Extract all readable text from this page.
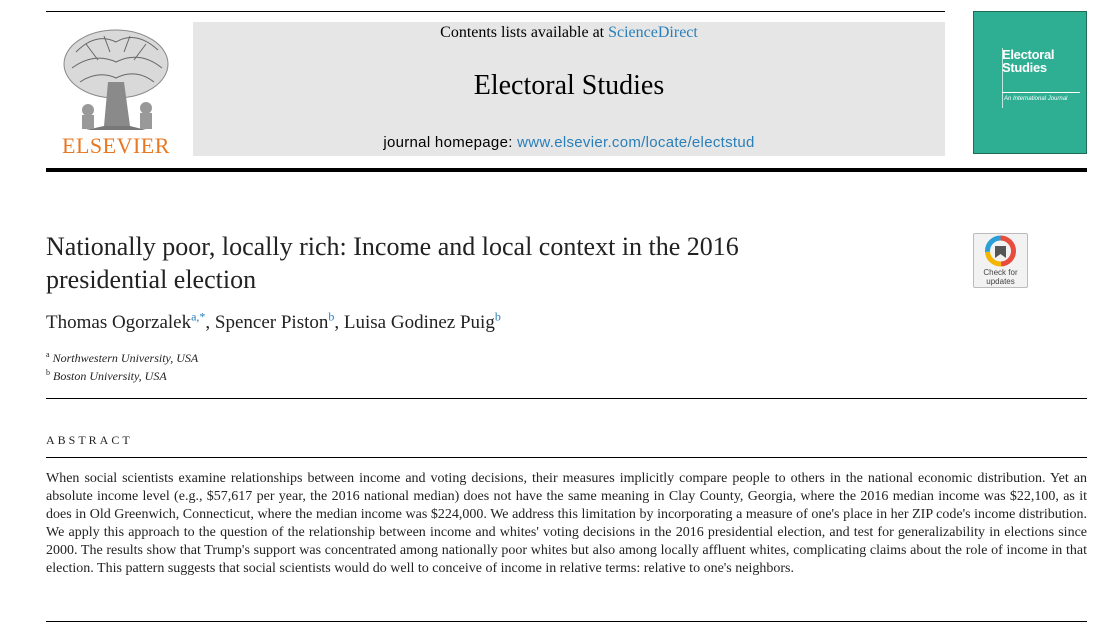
ELSEVIER
Contents lists available at ScienceDirect
Electoral Studies
journal homepage: www.elsevier.com/locate/electstud
Electoral
Studies
An International Journal
Nationally poor, locally rich: Income and local context in the 2016
presidential election	Check for
updates
Thomas Ogorzalek$^{a,*}$, Spencer Piston$^b$, Luisa Godinez Puig$^b$
$^a$ Northwestern University, USA
$^b$ Boston University, USA
ABSTRACT
When social scientists examine relationships between income and voting decisions, their measures implicitly compare people to others in the national economic distribution. Yet an absolute income level (e.g., $57,617 per year, the 2016 national median) does not have the same meaning in Clay County, Georgia, where the 2016 median income was $22,100, as it does in Old Greenwich, Connecticut, where the median income was $224,000. We address this limitation by incorporating a measure of one's place in her ZIP code's income distribution. We apply this approach to the question of the relationship between income and whites' voting decisions in the 2016 presidential election, and test for generalizability in elections since 2000. The results show that Trump's support was concentrated among nationally poor whites but also among locally affluent whites, complicating claims about the role of income in that election. This pattern suggests that social scientists would do well to conceive of income in relative terms: relative to one's neighbors.
